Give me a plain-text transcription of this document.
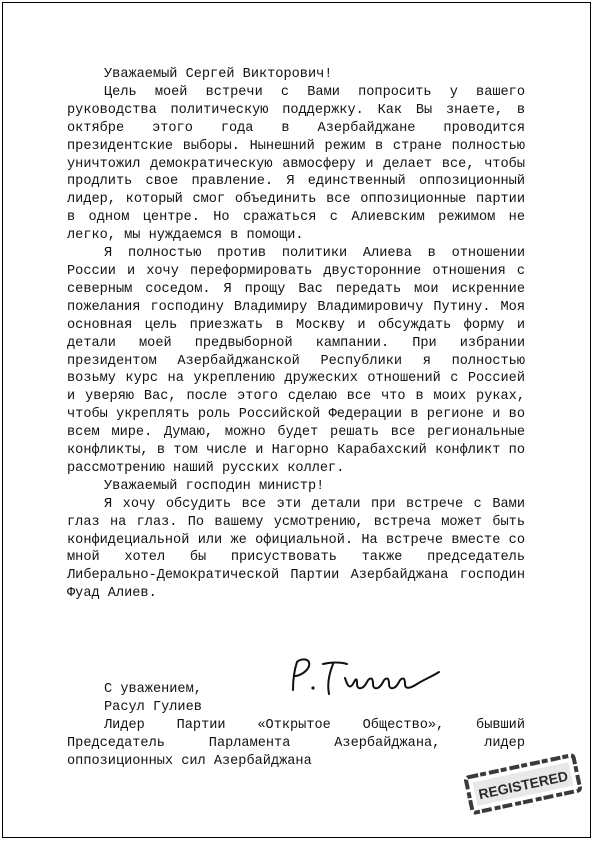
Уважаемый Сергей Викторович!

Цель моей встречи с Вами попросить у вашего руководства политическую поддержку. Как Вы знаете, в октябре этого года в Азербайджане проводится президентские выборы. Нынешний режим в стране полностью уничтожил демократическую авмосферу и делает все, чтобы продлить свое правление. Я единственный оппозиционный лидер, который смог объединить все оппозиционные партии в одном центре. Но сражаться с Алиевским режимом не легко, мы нуждаемся в помощи.

Я полностью против политики Алиева в отношении России и хочу переформировать двусторонние отношения с северным соседом. Я прощу Вас передать мои искренние пожелания господину Владимиру Владимировичу Путину. Моя основная цель приезжать в Москву и обсуждать форму и детали моей предвыборной кампании. При избрании президентом Азербайджанской Республики я полностью возьму курс на укреплению дружеских отношений с Россией и уверяю Вас, после этого сделаю все что в моих руках, чтобы укреплять роль Российской Федерации в регионе и во всем мире. Думаю, можно будет решать все региональные конфликты, в том числе и Нагорно Карабахский конфликт по рассмотрению наший русских коллег.

Уважаемый господин министр!

Я хочу обсудить все эти детали при встрече с Вами глаз на глаз. По вашему усмотрению, встреча может быть конфидециальной или же официальной. На встрече вместе со мной хотел бы присуствовать также председатель Либерально-Демократической Партии Азербайджана господин Фуад Алиев.

С уважением,
Расул Гулиев

Лидер Партии «Открытое Общество», бывший Председатель Парламента Азербайджана, лидер оппозиционных сил Азербайджана

REGISTERED
